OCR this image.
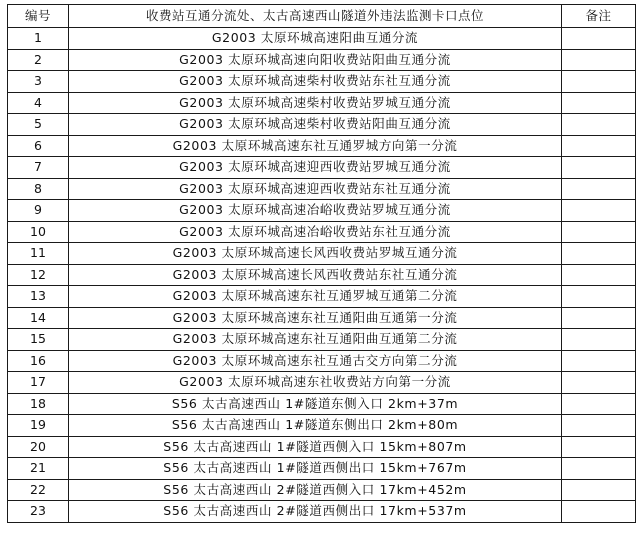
编号	收费站互通分流处、太古高速西山隧道外违法监测卡口点位	备注
1	G2003 太原环城高速阳曲互通分流	
2	G2003 太原环城高速向阳收费站阳曲互通分流	
3	G2003 太原环城高速柴村收费站东社互通分流	
4	G2003 太原环城高速柴村收费站罗城互通分流	
5	G2003 太原环城高速柴村收费站阳曲互通分流	
6	G2003 太原环城高速东社互通罗城方向第一分流	
7	G2003 太原环城高速迎西收费站罗城互通分流	
8	G2003 太原环城高速迎西收费站东社互通分流	
9	G2003 太原环城高速冶峪收费站罗城互通分流	
10	G2003 太原环城高速冶峪收费站东社互通分流	
11	G2003 太原环城高速长风西收费站罗城互通分流	
12	G2003 太原环城高速长风西收费站东社互通分流	
13	G2003 太原环城高速东社互通罗城互通第二分流	
14	G2003 太原环城高速东社互通阳曲互通第一分流	
15	G2003 太原环城高速东社互通阳曲互通第二分流	
16	G2003 太原环城高速东社互通古交方向第二分流	
17	G2003 太原环城高速东社收费站方向第一分流	
18	S56 太古高速西山 1#隧道东侧入口 2km+37m	
19	S56 太古高速西山 1#隧道东侧出口 2km+80m	
20	S56 太古高速西山 1#隧道西侧入口 15km+807m	
21	S56 太古高速西山 1#隧道西侧出口 15km+767m	
22	S56 太古高速西山 2#隧道西侧入口 17km+452m	
23	S56 太古高速西山 2#隧道西侧出口 17km+537m	
